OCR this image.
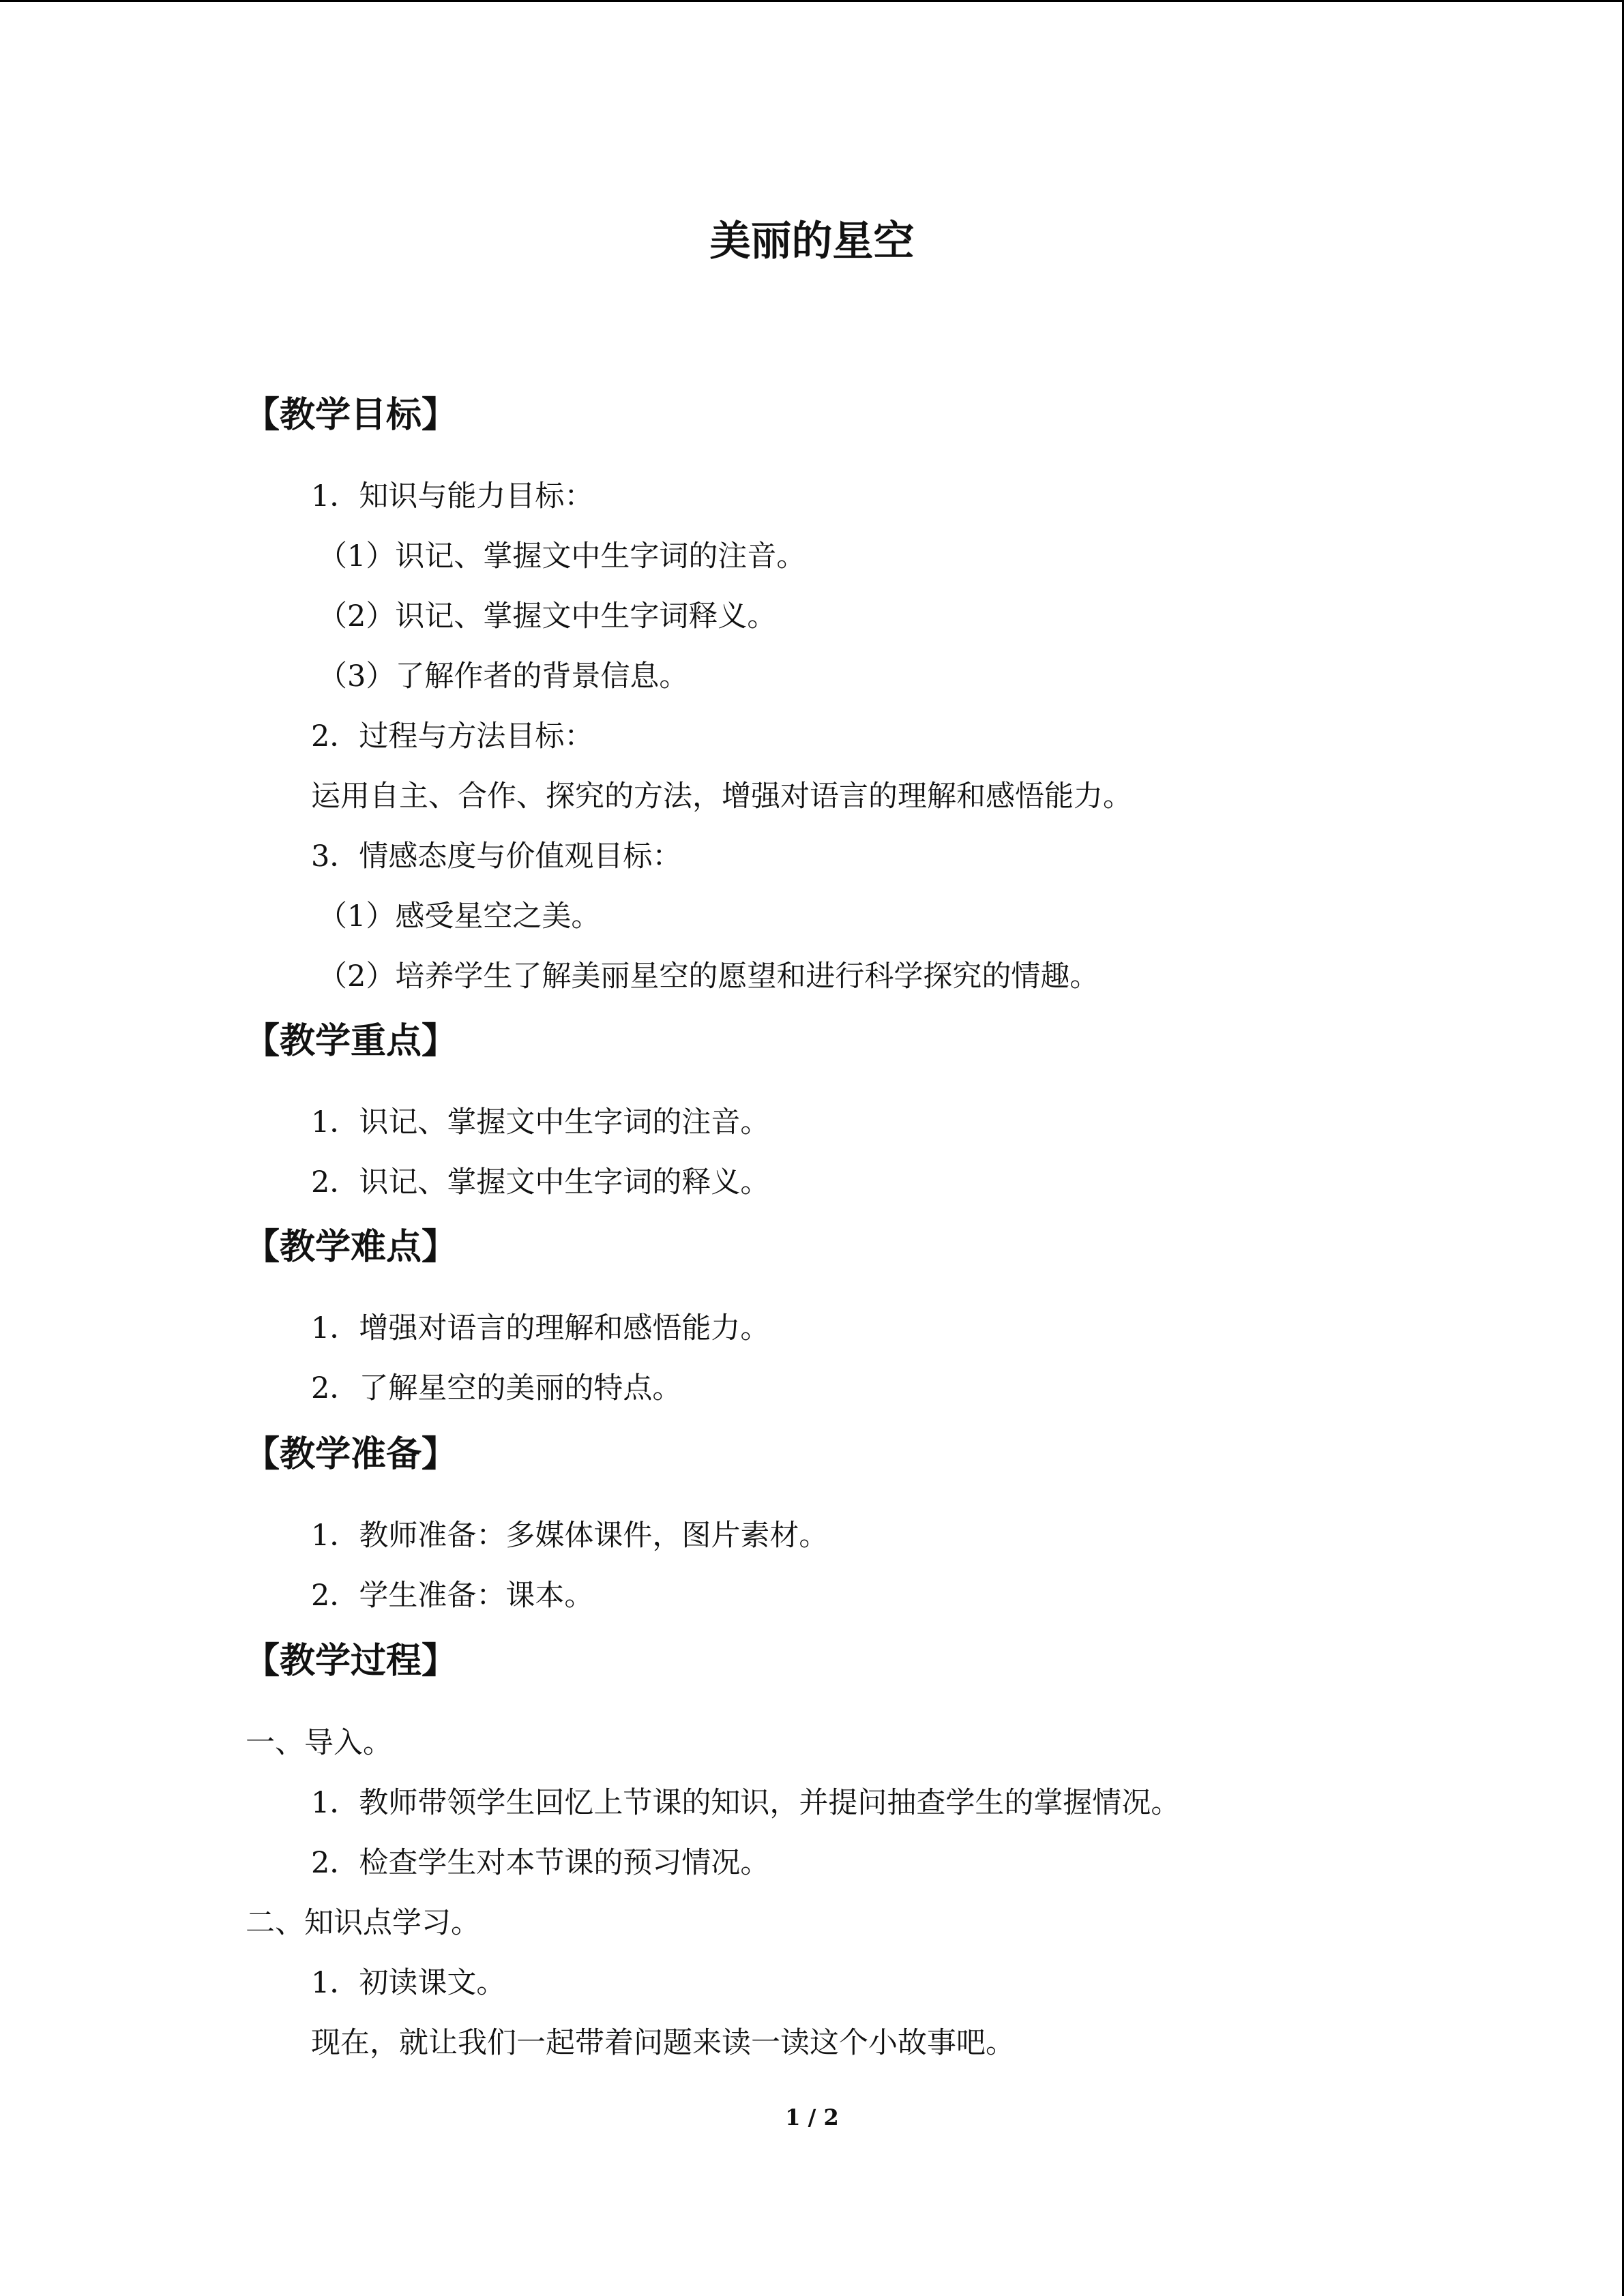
美丽的星空
【教学目标】

1．知识与能力目标：

（1）识记、掌握文中生字词的注音。

（2）识记、掌握文中生字词释义。

（3）了解作者的背景信息。

2．过程与方法目标：

运用自主、合作、探究的方法，增强对语言的理解和感悟能力。

3．情感态度与价值观目标：

（1）感受星空之美。

（2）培养学生了解美丽星空的愿望和进行科学探究的情趣。

【教学重点】

1．识记、掌握文中生字词的注音。

2．识记、掌握文中生字词的释义。

【教学难点】

1．增强对语言的理解和感悟能力。

2．了解星空的美丽的特点。

【教学准备】

1．教师准备：多媒体课件，图片素材。

2．学生准备：课本。

【教学过程】

一、导入。

1．教师带领学生回忆上节课的知识，并提问抽查学生的掌握情况。

2．检查学生对本节课的预习情况。

二、知识点学习。

1．初读课文。

现在，就让我们一起带着问题来读一读这个小故事吧。

1 / 2
